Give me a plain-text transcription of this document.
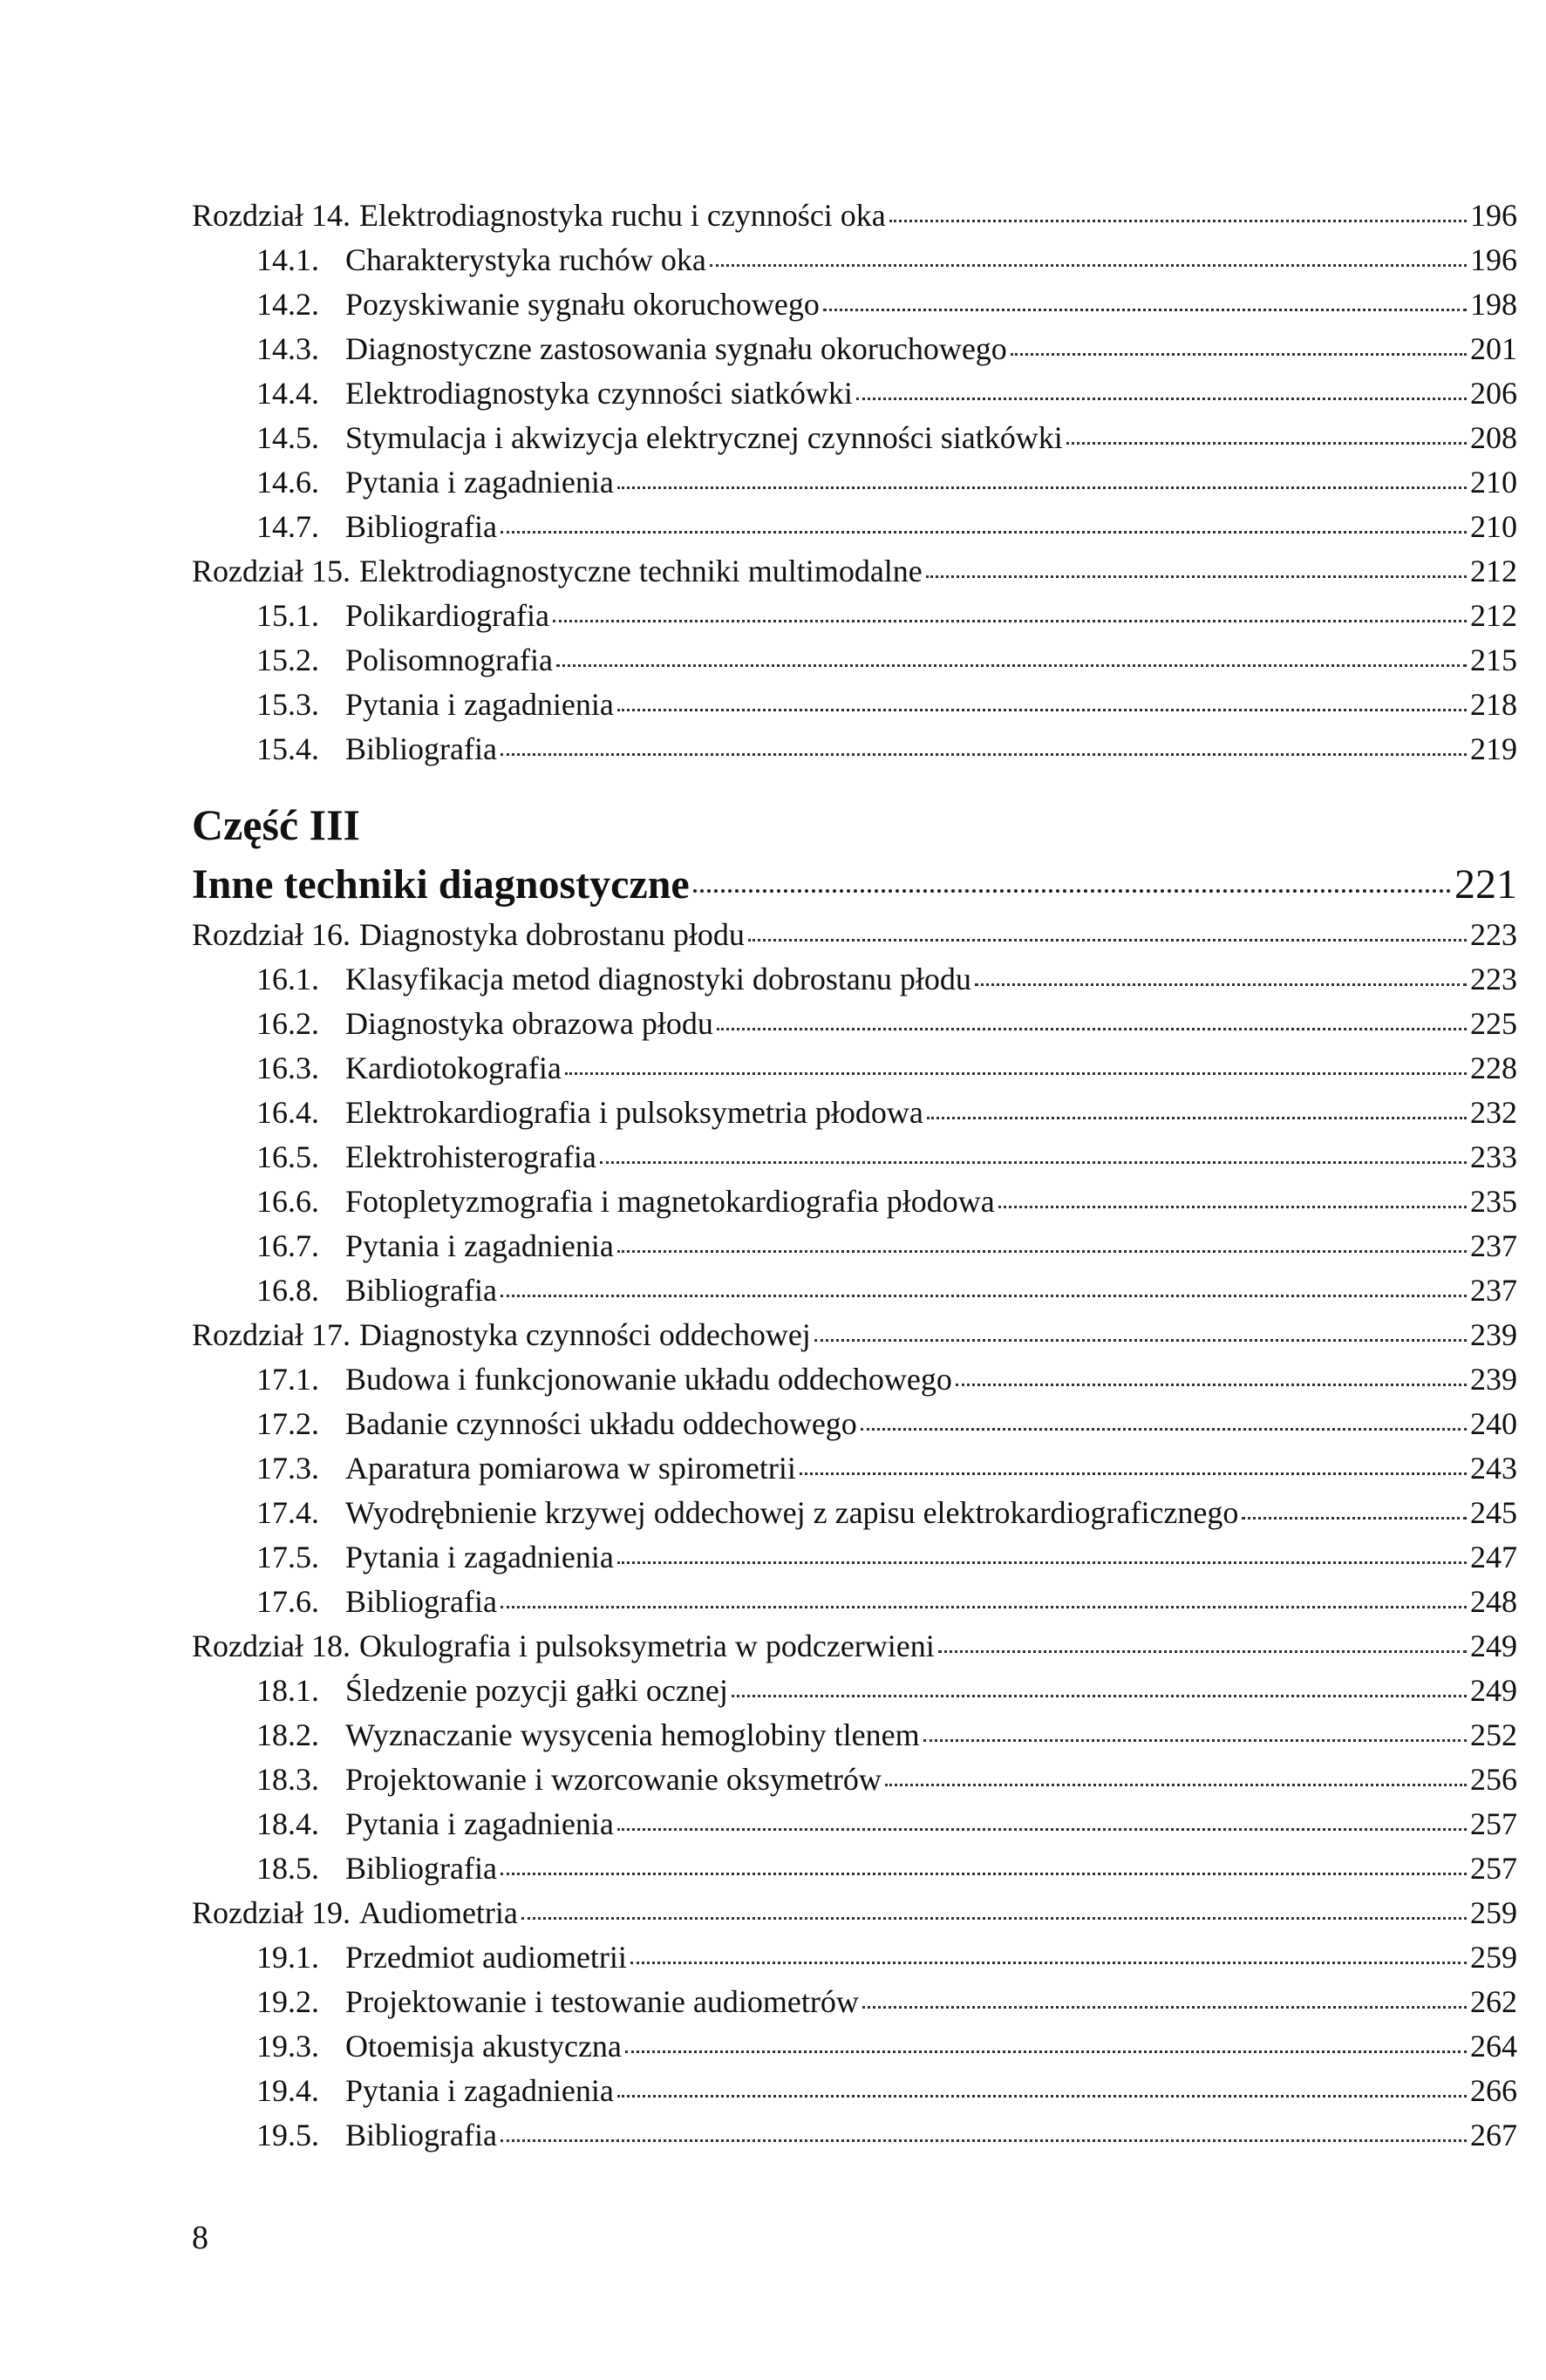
Rozdział 14. Elektrodiagnostyka ruchu i czynności oka	196
14.1. Charakterystyka ruchów oka	196
14.2. Pozyskiwanie sygnału okoruchowego	198
14.3. Diagnostyczne zastosowania sygnału okoruchowego	201
14.4. Elektrodiagnostyka czynności siatkówki	206
14.5. Stymulacja i akwizycja elektrycznej czynności siatkówki	208
14.6. Pytania i zagadnienia	210
14.7. Bibliografia	210
Rozdział 15. Elektrodiagnostyczne techniki multimodalne	212
15.1. Polikardiografia	212
15.2. Polisomnografia	215
15.3. Pytania i zagadnienia	218
15.4. Bibliografia	219
Część III
Inne techniki diagnostyczne	221
Rozdział 16. Diagnostyka dobrostanu płodu	223
16.1. Klasyfikacja metod diagnostyki dobrostanu płodu	223
16.2. Diagnostyka obrazowa płodu	225
16.3. Kardiotokografia	228
16.4. Elektrokardiografia i pulsoksymetria płodowa	232
16.5. Elektrohisterografia	233
16.6. Fotopletyzmografia i magnetokardiografia płodowa	235
16.7. Pytania i zagadnienia	237
16.8. Bibliografia	237
Rozdział 17. Diagnostyka czynności oddechowej	239
17.1. Budowa i funkcjonowanie układu oddechowego	239
17.2. Badanie czynności układu oddechowego	240
17.3. Aparatura pomiarowa w spirometrii	243
17.4. Wyodrębnienie krzywej oddechowej z zapisu elektrokardiograficznego	245
17.5. Pytania i zagadnienia	247
17.6. Bibliografia	248
Rozdział 18. Okulografia i pulsoksymetria w podczerwieni	249
18.1. Śledzenie pozycji gałki ocznej	249
18.2. Wyznaczanie wysycenia hemoglobiny tlenem	252
18.3. Projektowanie i wzorcowanie oksymetrów	256
18.4. Pytania i zagadnienia	257
18.5. Bibliografia	257
Rozdział 19. Audiometria	259
19.1. Przedmiot audiometrii	259
19.2. Projektowanie i testowanie audiometrów	262
19.3. Otoemisja akustyczna	264
19.4. Pytania i zagadnienia	266
19.5. Bibliografia	267
8
